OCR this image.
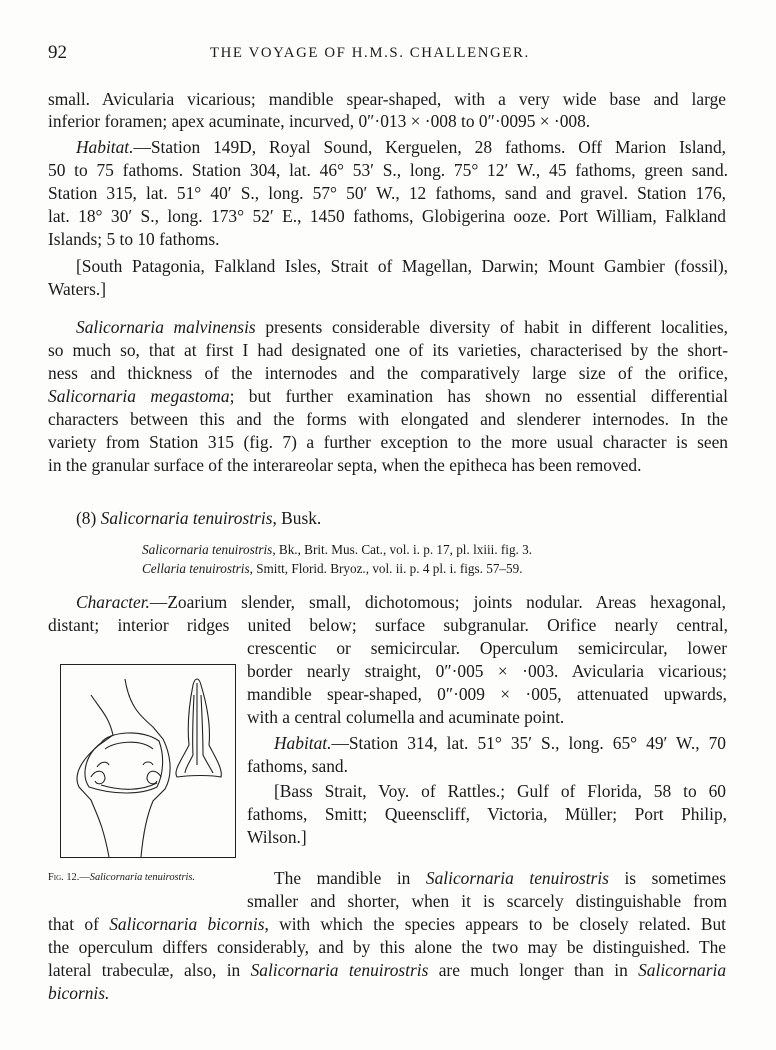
92	THE VOYAGE OF H.M.S. CHALLENGER.
small. Avicularia vicarious; mandible spear-shaped, with a very wide base and large
inferior foramen; apex acuminate, incurved, 0″·013 × ·008 to 0″·0095 × ·008.
Habitat.—Station 149D, Royal Sound, Kerguelen, 28 fathoms. Off Marion Island,
50 to 75 fathoms. Station 304, lat. 46° 53′ S., long. 75° 12′ W., 45 fathoms, green sand.
Station 315, lat. 51° 40′ S., long. 57° 50′ W., 12 fathoms, sand and gravel. Station 176,
lat. 18° 30′ S., long. 173° 52′ E., 1450 fathoms, Globigerina ooze. Port William, Falkland
Islands; 5 to 10 fathoms.
[South Patagonia, Falkland Isles, Strait of Magellan, Darwin; Mount Gambier (fossil),
Waters.]
Salicornaria malvinensis presents considerable diversity of habit in different localities,
so much so, that at first I had designated one of its varieties, characterised by the short-
ness and thickness of the internodes and the comparatively large size of the orifice,
Salicornaria megastoma; but further examination has shown no essential differential
characters between this and the forms with elongated and slenderer internodes. In the
variety from Station 315 (fig. 7) a further exception to the more usual character is seen
in the granular surface of the interareolar septa, when the epitheca has been removed.
(8) Salicornaria tenuirostris, Busk.
Salicornaria tenuirostris, Bk., Brit. Mus. Cat., vol. i. p. 17, pl. lxiii. fig. 3.
Cellaria tenuirostris, Smitt, Florid. Bryoz., vol. ii. p. 4 pl. i. figs. 57–59.
Character.—Zoarium slender, small, dichotomous; joints nodular. Areas hexagonal,
distant; interior ridges united below; surface subgranular. Orifice nearly central,
crescentic or semicircular. Operculum semicircular, lower
border nearly straight, 0″·005 × ·003. Avicularia vicarious;
mandible spear-shaped, 0″·009 × ·005, attenuated upwards,
with a central columella and acuminate point.
Habitat.—Station 314, lat. 51° 35′ S., long. 65° 49′ W., 70
fathoms, sand.
[Bass Strait, Voy. of Rattles.; Gulf of Florida, 58 to 60
fathoms, Smitt; Queenscliff, Victoria, Müller; Port Philip,
Wilson.]
Fig. 12.—Salicornaria tenuirostris.	The mandible in Salicornaria tenuirostris is sometimes
smaller and shorter, when it is scarcely distinguishable from
that of Salicornaria bicornis, with which the species appears to be closely related. But
the operculum differs considerably, and by this alone the two may be distinguished. The
lateral trabeculæ, also, in Salicornaria tenuirostris are much longer than in Salicornaria
bicornis.
